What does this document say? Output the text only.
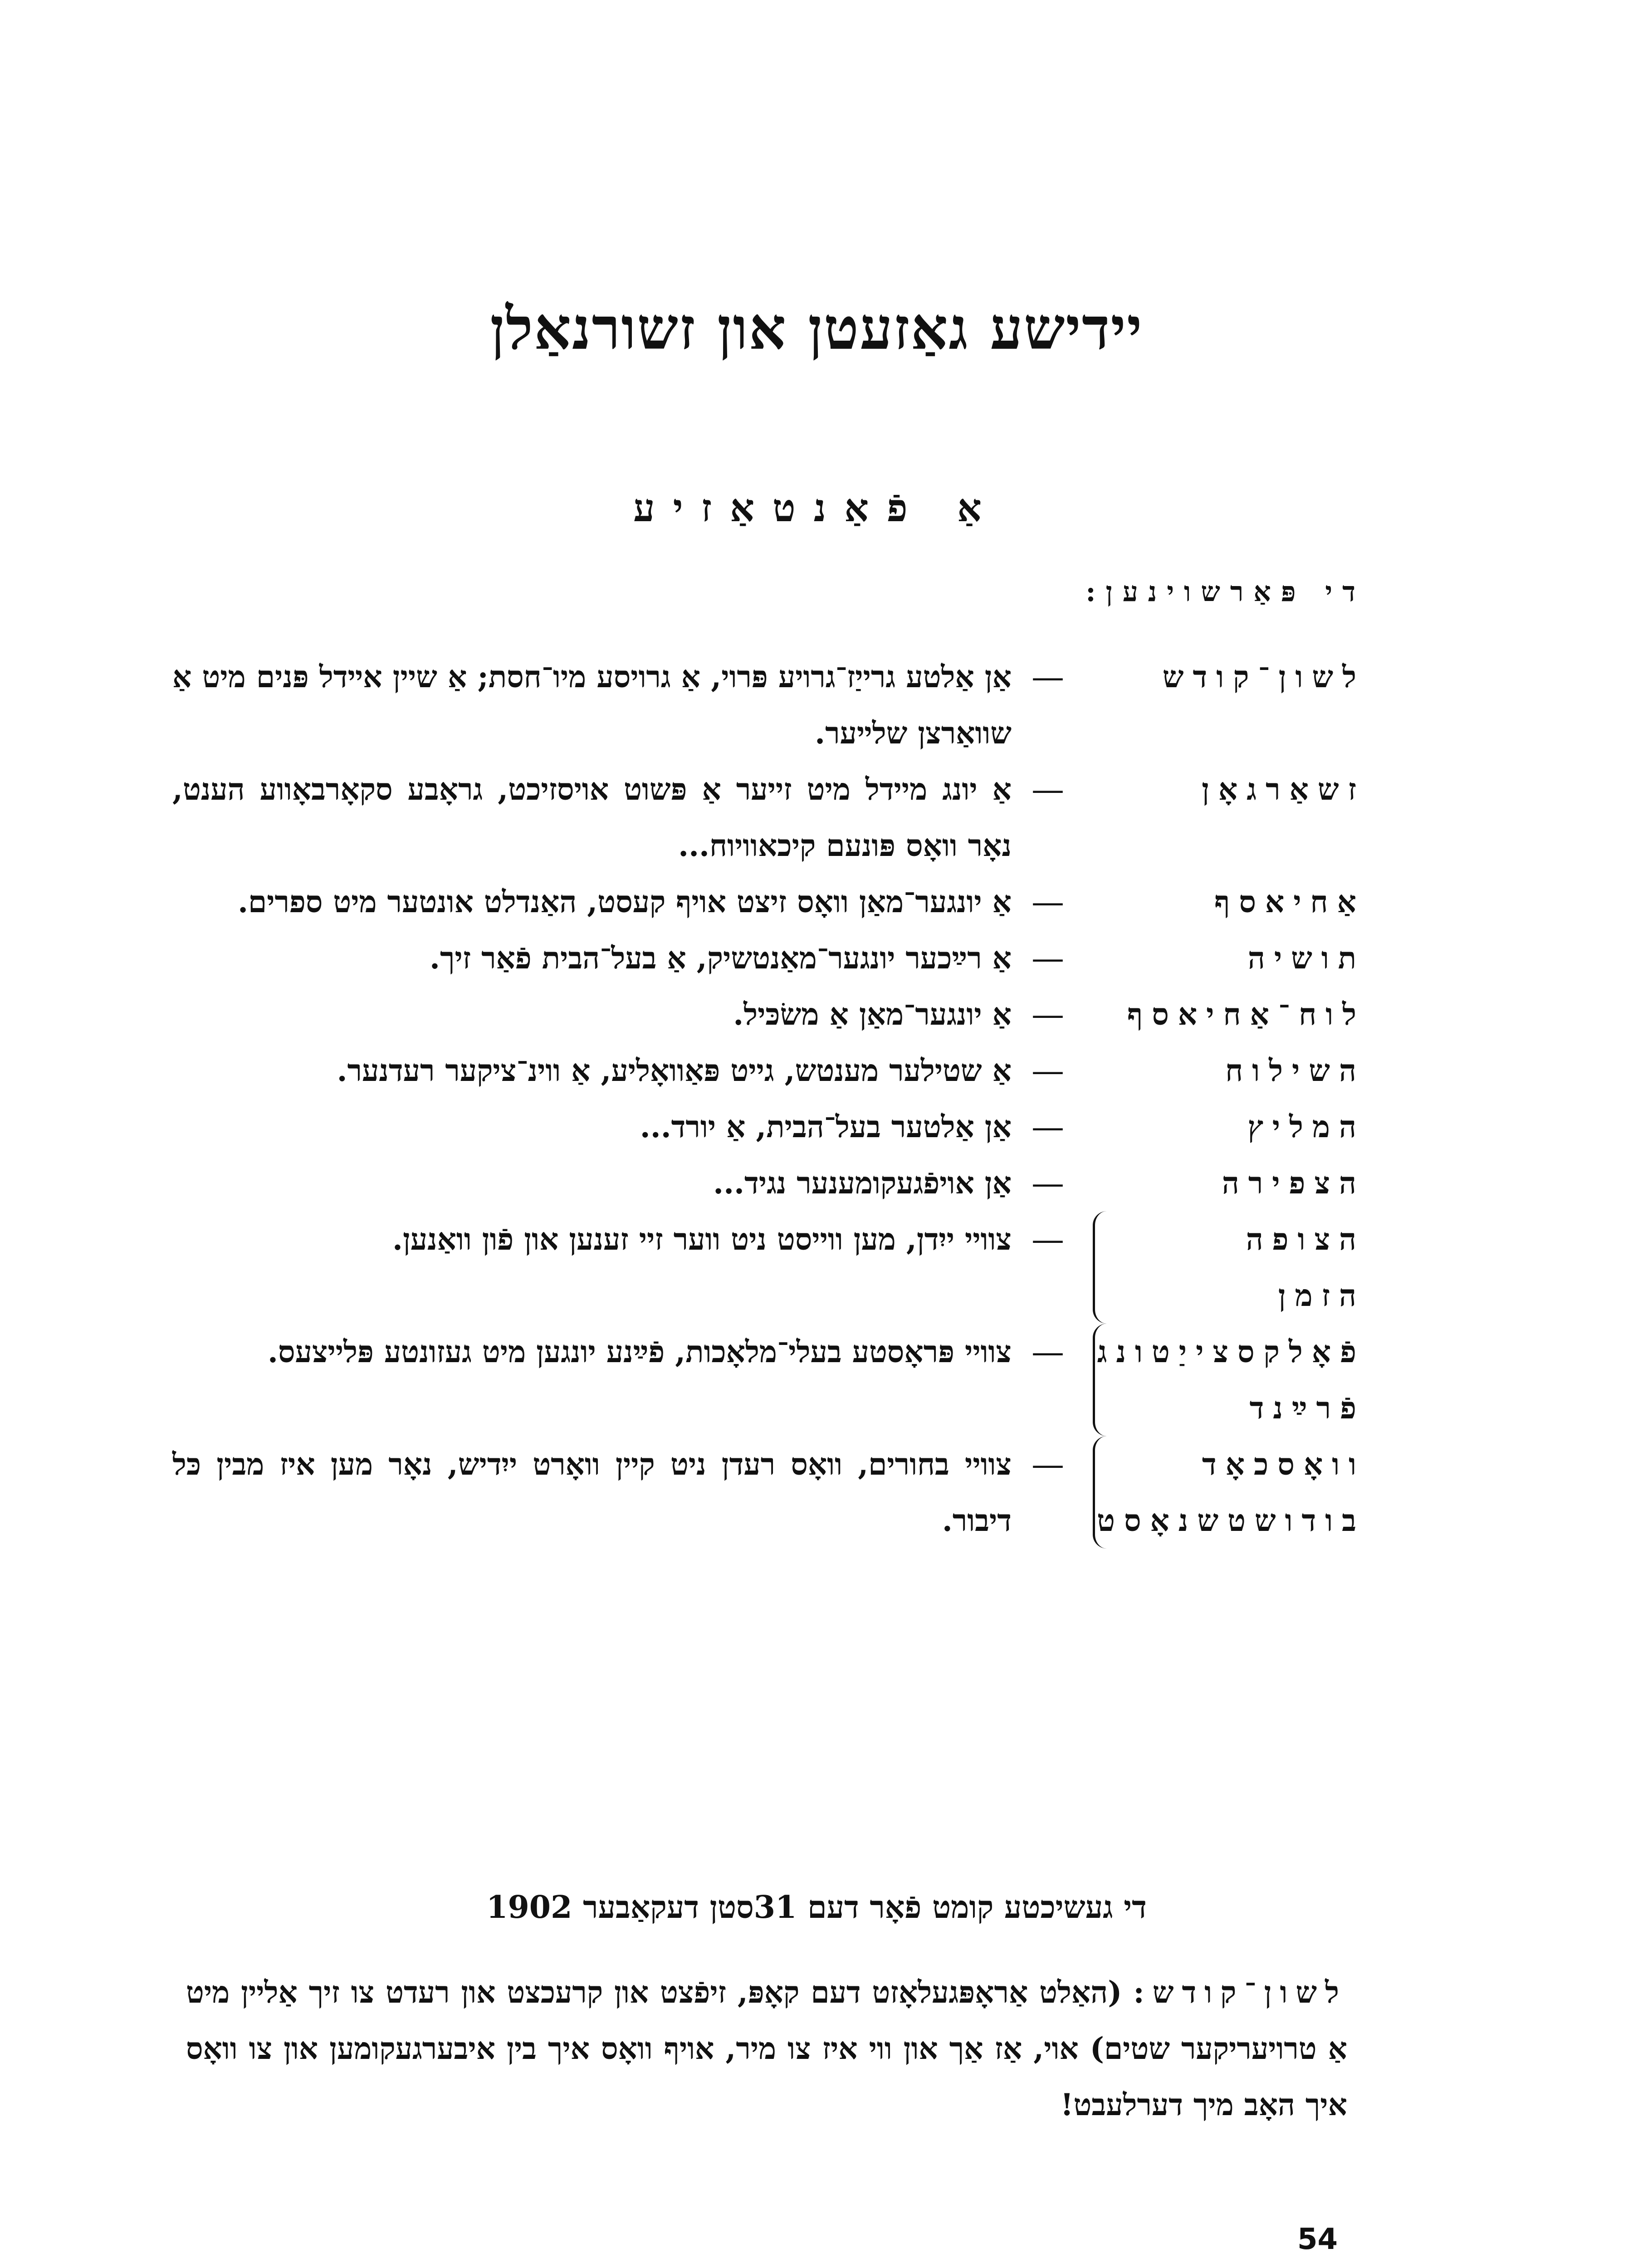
יידישע גאַזעטן און זשורנאַלן
אַ פֿאַנטאַזיע
די פּאַרשוינען:
לשון־קודש
—
אַן אַלטע גרייַז־גרויע פּרוי, אַ גרויסע מיו־חסת; אַ שיין אײדל פּנים מיט אַ שוואַרצן שלײער.
זשאַרגאָן
—
אַ יונג מיידל מיט זייער אַ פּשוט אויסזיכט, גראָבע סקאָרבאָווע הענט, נאָר וואָס פּונעם קיכאוויוח...
אַחיאסף
—
אַ יונגער־מאַן וואָס זיצט אויף קעסט, האַנדלט אונטער מיט ספרים.
תושיה
—
אַ רײַכער יונגער־מאַנטשיק, אַ בעל־הבית פֿאַר זיך.
לוח־אַחיאסף
—
אַ יונגער־מאַן אַ משׂכּיל.
השילוח
—
אַ שטילער מענטש, גייט פּאַוואָליע, אַ ווינ־ציקער רעדנער.
המליץ
—
אַן אַלטער בעל־הבית, אַ יורד...
הצפירה
—
אַן אויפֿגעקומענער נגיד...
הצופה
הזמן
—
צוויי ייִדן, מען ווייסט ניט ווער זיי זענען און פֿון וואַנען.
פֿאָלקסצייַטונג
פֿרײַנד
—
צוויי פּראָסטע בעלי־מלאָכות, פֿײַנע יונגען מיט געזונטע פּלייצעס.
וואָסכאָד
בודושטשנאָסט
—
צוויי בחורים, וואָס רעדן ניט קיין וואָרט ייִדיש, נאָר מען איז מבין כּל דיבור.
די געשיכטע קומט פֿאָר דעם 31סטן דעקאַבער 1902
לשון־קודש: (האַלט אַראָפּגעלאָזט דעם קאָפּ, זיפֿצט און קרעכצט און רעדט צו זיך אַליין מיט אַ טרויעריקער שטים) אוי, אַז אַך און ווי איז צו מיר, אויף וואָס איך בין איבערגעקומען און צו וואָס איך האָב מיך דערלעבט!
54
